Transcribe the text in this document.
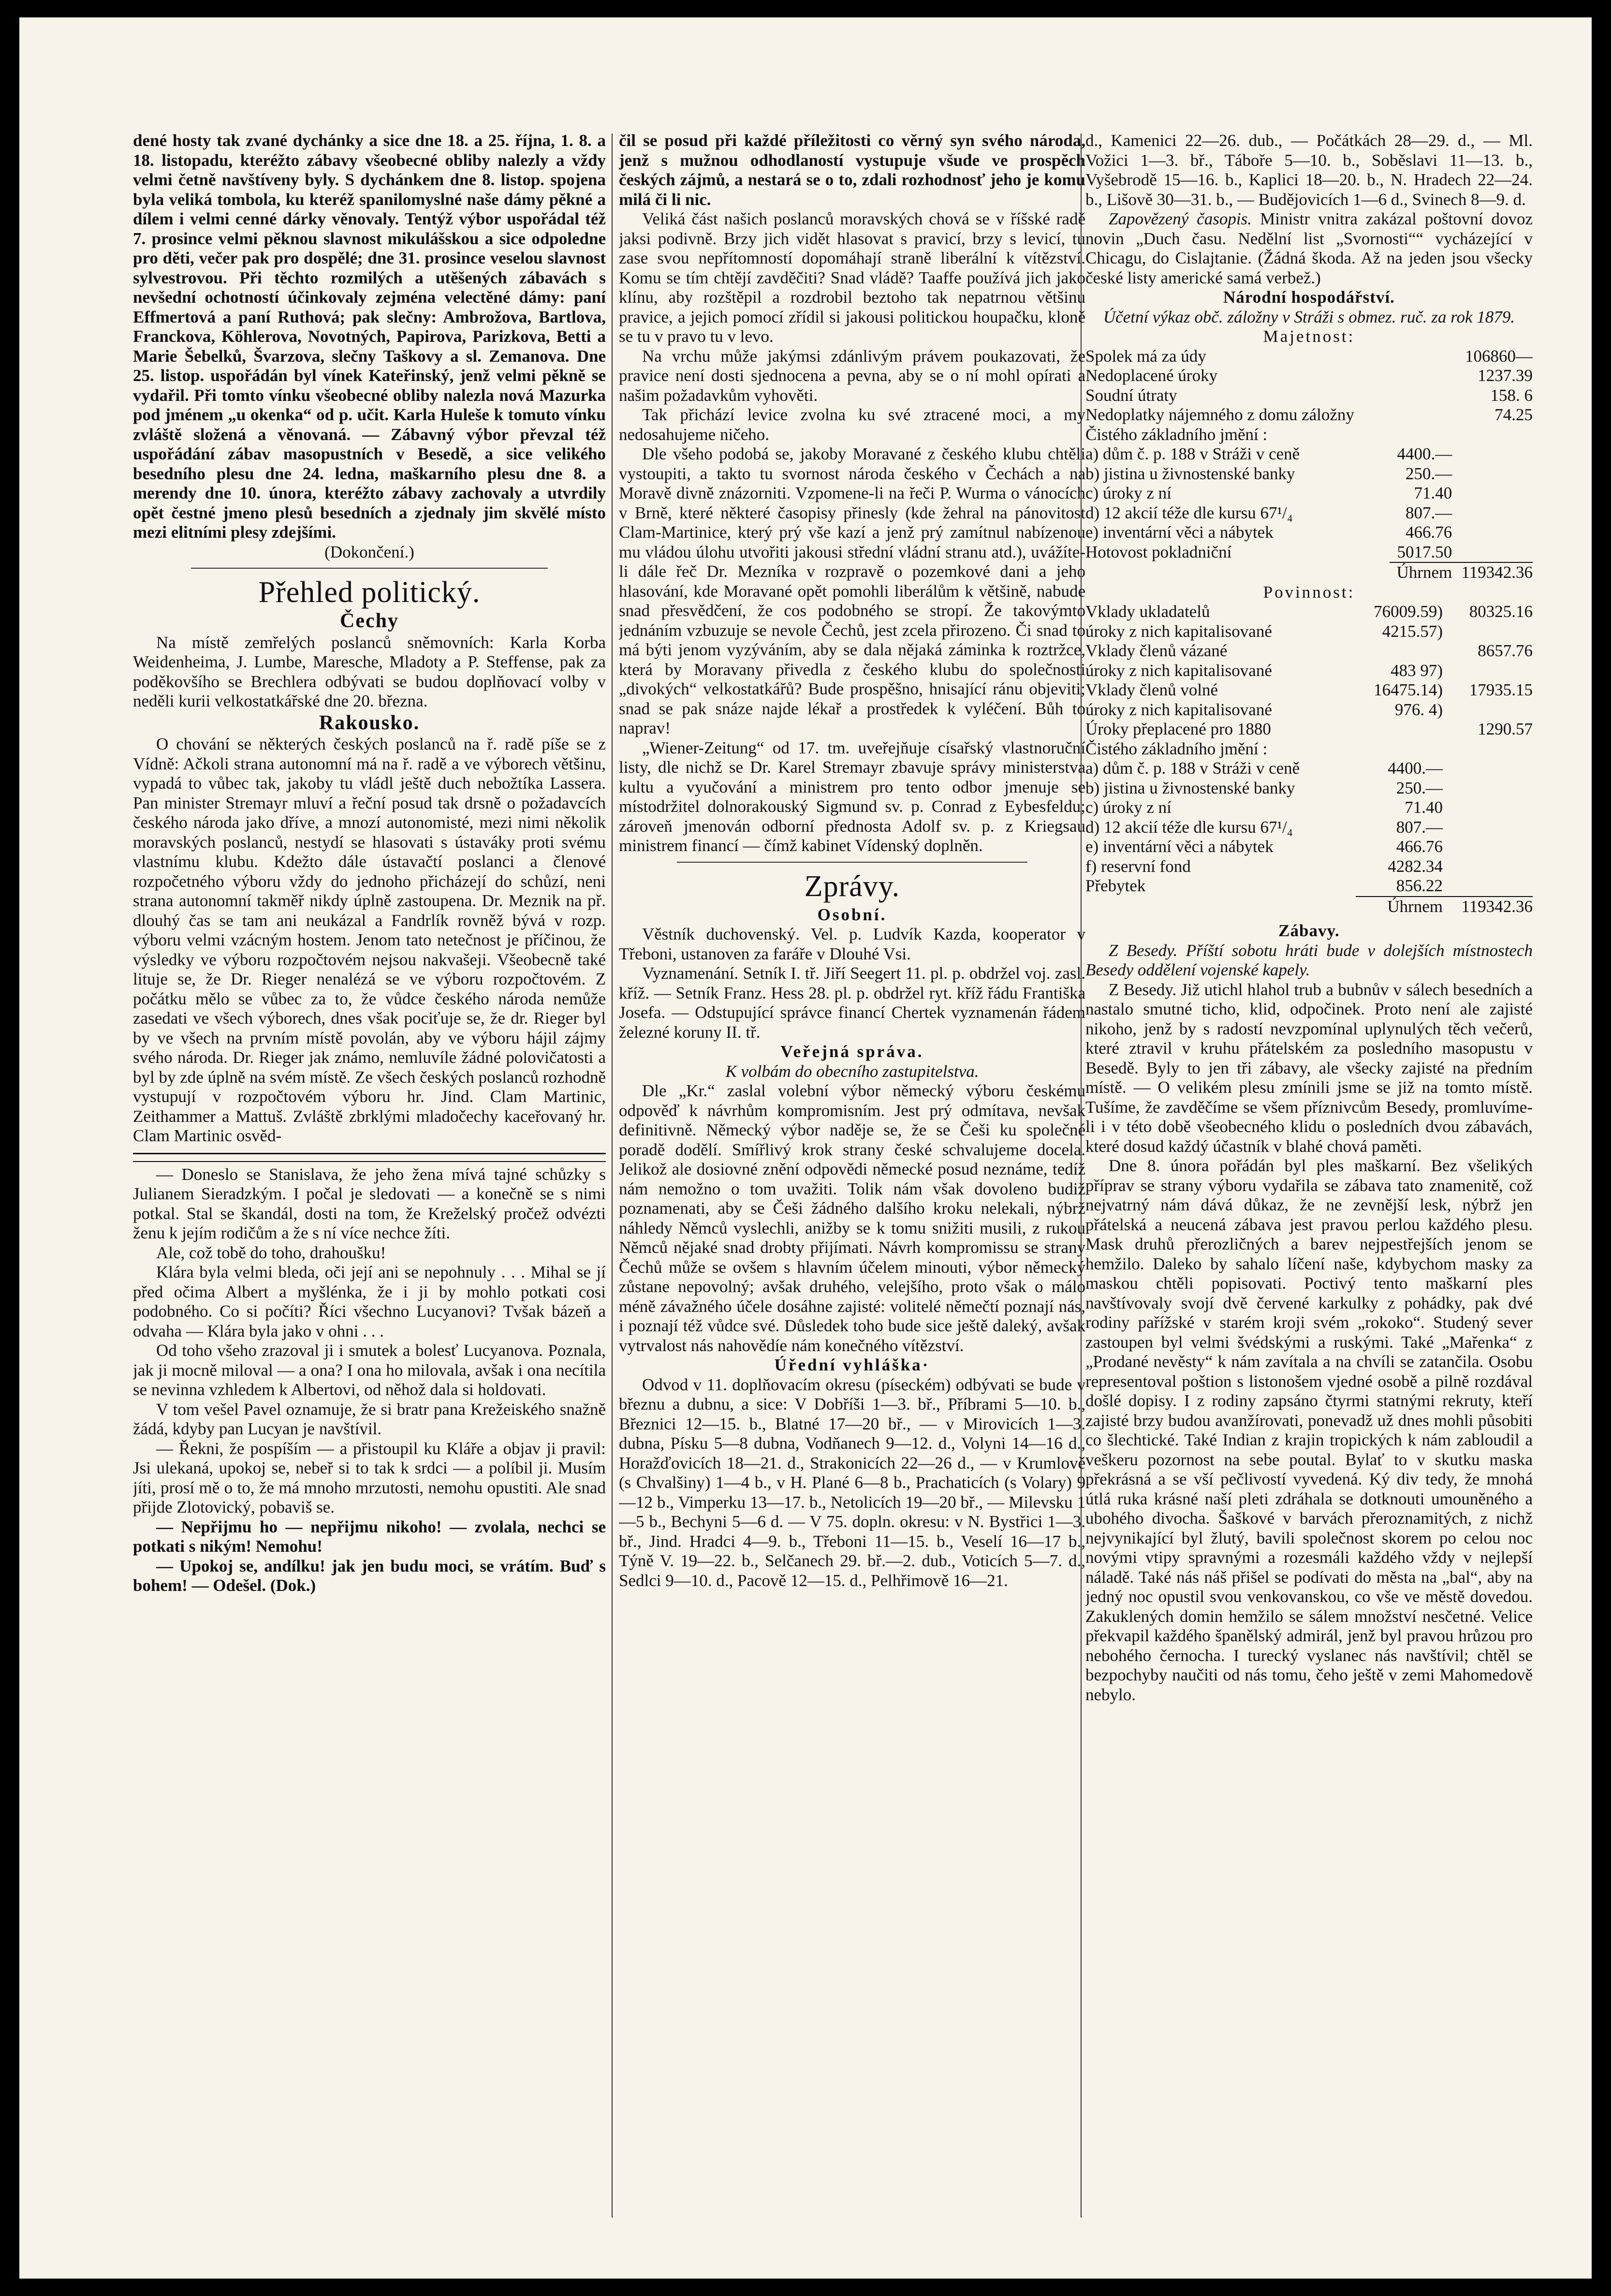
dené hosty tak zvané dychánky a sice dne 18. a 25. října, 1. 8. a 18. listopadu, kteréžto zábavy všeobecné obliby nalezly a vždy velmi četně navštíveny byly. S dychánkem dne 8. listop. spojena byla veliká tombola, ku kteréž spanilomyslné naše dámy pěkné a dílem i velmi cenné dárky věnovaly. Tentýž výbor uspořádal též 7. prosince velmi pěknou slavnost mikulášskou a sice odpoledne pro děti, večer pak pro dospělé; dne 31. prosince veselou slavnost sylvestrovou. Při těchto rozmilých a utěšených zábavách s nevšední ochotností účinkovaly zejména velectěné dámy: paní Effmertová a paní Ruthová; pak slečny: Ambrožova, Bartlova, Franckova, Köhlerova, Novotných, Papirova, Parizkova, Betti a Marie Šebelků, Švarzova, slečny Taškovy a sl. Zemanova. Dne 25. listop. uspořádán byl vínek Kateřinský, jenž velmi pěkně se vydařil. Při tomto vínku všeobecné obliby nalezla nová Mazurka pod jménem „u okenka“ od p. učit. Karla Huleše k tomuto vínku zvláště složená a věnovaná. — Zábavný výbor převzal též uspořádání zábav masopustních v Besedě, a sice velikého besedního plesu dne 24. ledna, maškarního plesu dne 8. a merendy dne 10. února, kteréžto zábavy zachovaly a utvrdily opět čestné jmeno plesů besedních a zjednaly jim skvělé místo mezi elitními plesy zdejšími.

(Dokončení.)

Přehled politický.
Čechy

Na místě zemřelých poslanců sněmovních: Karla Korba Weidenheima, J. Lumbe, Maresche, Mladoty a P. Steffense, pak za poděkovšího se Brechlera odbývati se budou doplňovací volby v neděli kurii velkostatkářské dne 20. března.

Rakousko.

O chování se některých českých poslanců na ř. radě píše se z Vídně: Ačkoli strana autonomní má na ř. radě a ve výborech většinu, vypadá to vůbec tak, jakoby tu vládl ještě duch nebožtíka Lassera. Pan minister Stremayr mluví a řeční posud tak drsně o požadavcích českého národa jako dříve, a mnozí autonomisté, mezi nimi několik moravských poslanců, nestydí se hlasovati s ústaváky proti svému vlastnímu klubu. Kdežto dále ústavačtí poslanci a členové rozpočetného výboru vždy do jednoho přicházejí do schůzí, neni strana autonomní takměř nikdy úplně zastoupena. Dr. Meznik na př. dlouhý čas se tam ani neukázal a Fandrlík rovněž bývá v rozp. výboru velmi vzácným hostem. Jenom tato netečnost je příčinou, že výsledky ve výboru rozpočtovém nejsou nakvašeji. Všeobecně také lituje se, že Dr. Rieger nenalézá se ve výboru rozpočtovém. Z počátku mělo se vůbec za to, že vůdce českého národa nemůže zasedati ve všech výborech, dnes však pociťuje se, že dr. Rieger byl by ve všech na prvním místě povolán, aby ve výboru hájil zájmy svého národa. Dr. Rieger jak známo, nemluvíle žádné polovičatosti a byl by zde úplně na svém místě. Ze všech českých poslanců rozhodně vystupují v rozpočtovém výboru hr. Jind. Clam Martinic, Zeithammer a Mattuš. Zvláště zbrklými mladočechy kaceřovaný hr. Clam Martinic osvěd-

— Doneslo se Stanislava, že jeho žena mívá tajné schůzky s Julianem Sieradzkým. I počal je sledovati — a konečně se s nimi potkal. Stal se škandál, dosti na tom, že Kreželský pročež odvézti ženu k jejím rodičům a že s ní více nechce žíti.

Ale, což tobě do toho, drahoušku!

Klára byla velmi bleda, oči její ani se nepohnuly . . . Mihal se jí před očima Albert a myšlénka, že i ji by mohlo potkati cosi podobného. Co si počíti? Říci všechno Lucyanovi? Tvšak bázeň a odvaha — Klára byla jako v ohni . . .

Od toho všeho zrazoval ji i smutek a bolesť Lucyanova. Poznala, jak ji mocně miloval — a ona? I ona ho milovala, avšak i ona necítila se nevinna vzhledem k Albertovi, od něhož dala si holdovati.

V tom vešel Pavel oznamuje, že si bratr pana Krežeiského snažně žádá, kdyby pan Lucyan je navštívil.

— Řekni, že pospíším — a přistoupil ku Kláře a objav ji pravil: Jsi ulekaná, upokoj se, nebeř si to tak k srdci — a políbil ji. Musím jíti, prosí mě o to, že má mnoho mrzutosti, nemohu opustiti. Ale snad přijde Zlotovický, pobaviš se.

— Nepřijmu ho — nepřijmu nikoho! — zvolala, nechci se potkati s nikým! Nemohu!

— Upokoj se, andílku! jak jen budu moci, se vrátím. Buď s bohem! — Odešel. (Dok.)

čil se posud při každé příležitosti co věrný syn svého národa, jenž s mužnou odhodlaností vystupuje všude ve prospěch českých zájmů, a nestará se o to, zdali rozhodnosť jeho je komu milá či li nic.

Veliká část našich poslanců moravských chová se v říšské radě jaksi podivně. Brzy jich vidět hlasovat s pravicí, brzy s levicí, tu zase svou nepřítomností dopomáhají straně liberální k vítězství. Komu se tím chtějí zavděčiti? Snad vládě? Taaffe používá jich jako klínu, aby rozštěpil a rozdrobil beztoho tak nepatrnou většinu pravice, a jejich pomocí zřídil si jakousi politickou houpačku, kloně se tu v pravo tu v levo.

Na vrchu může jakýmsi zdánlivým právem poukazovati, že pravice není dosti sjednocena a pevna, aby se o ní mohl opírati a našim požadavkům vyhověti.

Tak přichází levice zvolna ku své ztracené moci, a my nedosahujeme ničeho.

Dle všeho podobá se, jakoby Moravané z českého klubu chtěli vystoupiti, a takto tu svornost národa českého v Čechách a na Moravě divně znázorniti. Vzpomene-li na řeči P. Wurma o vánocích v Brně, které některé časopisy přinesly (kde žehral na pánovitost Clam-Martinice, který prý vše kazí a jenž prý zamítnul nabízenou mu vládou úlohu utvořiti jakousi střední vládní stranu atd.), uvážíte-li dále řeč Dr. Mezníka v rozpravě o pozemkové dani a jeho hlasování, kde Moravané opět pomohli liberálům k většině, nabude snad přesvědčení, že cos podobného se stropí. Že takovýmto jednáním vzbuzuje se nevole Čechů, jest zcela přirozeno. Či snad to má býti jenom vyzýváním, aby se dala nějaká záminka k roztržce, která by Moravany přivedla z českého klubu do společnosti „divokých“ velkostatkářů? Bude prospěšno, hnisající ránu objeviti; snad se pak snáze najde lékař a prostředek k vyléčení. Bůh to naprav!

„Wiener-Zeitung“ od 17. tm. uveřejňuje císařský vlastnoruční listy, dle nichž se Dr. Karel Stremayr zbavuje správy ministerstva kultu a vyučování a ministrem pro tento odbor jmenuje se místodržitel dolnorakouský Sigmund sv. p. Conrad z Eybesfeldu; zároveň jmenován odborní přednosta Adolf sv. p. z Kriegsau ministrem financí — čímž kabinet Vídenský doplněn.

Zprávy.
Osobní.

Věstník duchovenský. Vel. p. Ludvík Kazda, kooperator v Třeboni, ustanoven za faráře v Dlouhé Vsi.

Vyznamenání. Setník I. tř. Jiří Seegert 11. pl. p. obdržel voj. zasl. kříž. — Setník Franz. Hess 28. pl. p. obdržel ryt. kříž řádu Františka Josefa. — Odstupující správce financí Chertek vyznamenán řádem železné koruny II. tř.

Veřejná správa.

K volbám do obecního zastupitelstva.

Dle „Kr.“ zaslal volební výbor německý výboru českému odpověď k návrhům kompromisním. Jest prý odmítava, nevšak definitivně. Německý výbor naděje se, že se Češi ku společné poradě dodělí. Smířlivý krok strany české schvalujeme docela. Jelikož ale dosiovné znění odpovědi německé posud neznáme, tedíž nám nemožno o tom uvažiti. Tolik nám však dovoleno budiž poznamenati, aby se Češi žádného dalšího kroku nelekali, nýbrž náhledy Němců vyslechli, anižby se k tomu snižiti musili, z rukou Němců nějaké snad drobty přijímati. Návrh kompromissu se strany Čechů může se ovšem s hlavním účelem minouti, výbor německý zůstane nepovolný; avšak druhého, velejšího, proto však o málo méně závažného účele dosáhne zajisté: volitelé němečtí poznají nás, i poznají též vůdce své. Důsledek toho bude sice ještě daleký, avšak vytrvalost nás nahovědíe nám konečného vítězství.

Úřední vyhláška·

Odvod v 11. doplňovacím okresu (píseckém) odbývati se bude v březnu a dubnu, a sice: V Dobříši 1—3. bř., Příbrami 5—10. b., Březnici 12—15. b., Blatné 17—20 bř., — v Mirovicích 1—3. dubna, Písku 5—8 dubna, Vodňanech 9—12. d., Volyni 14—16 d., Horažďovicích 18—21. d., Strakonicích 22—26 d., — v Krumlově (s Chvalšiny) 1—4 b., v H. Plané 6—8 b., Prachaticích (s Volary) 9—12 b., Vimperku 13—17. b., Netolicích 19—20 bř., — Milevsku 1—5 b., Bechyni 5—6 d. — V 75. dopln. okresu: v N. Bystřici 1—3. bř., Jind. Hradci 4—9. b., Třeboni 11—15. b., Veselí 16—17 b., Týně V. 19—22. b., Selčanech 29. bř.—2. dub., Voticích 5—7. d., Sedlci 9—10. d., Pacově 12—15. d., Pelhřimově 16—21.

d., Kamenici 22—26. dub., — Počátkách 28—29. d., — Ml. Vožici 1—3. bř., Táboře 5—10. b., Soběslavi 11—13. b., Vyšebrodě 15—16. b., Kaplici 18—20. b., N. Hradech 22—24. b., Lišově 30—31. b., — Budějovicích 1—6 d., Svinech 8—9. d.

Zapovězený časopis. Ministr vnitra zakázal poštovní dovoz novin „Duch času. Nedělní list „Svornosti““ vycházející v Chicagu, do Cislajtanie. (Žádná škoda. Až na jeden jsou všecky české listy americké samá verbež.)

Národní hospodářství.

Účetní výkaz obč. záložny v Stráži s obmez. ruč. za rok 1879.

Majetnost:
Spolek má za údy		106860—
Nedoplacené úroky		1237.39
Soudní útraty		158. 6
Nedoplatky nájemného z domu záložny		74.25
Čistého základního jmění :		
a) dům č. p. 188 v Stráži v ceně	4400.—	
b) jistina u živnostenské banky	250.—	
c) úroky z ní	71.40	
d) 12 akcií téže dle kursu 67¹/₄	807.—	
e) inventární věci a nábytek	466.76	
Hotovost pokladniční	5017.50	
	Úhrnem	119342.36
Povinnost:
Vklady ukladatelů	76009.59)	80325.16
úroky z nich kapitalisované	4215.57)	
Vklady členů vázané		8657.76
úroky z nich kapitalisované	483 97)	
Vklady členů volné	16475.14)	17935.15
úroky z nich kapitalisované	976. 4)	
Úroky přeplacené pro 1880		1290.57
Čistého základního jmění :		
a) dům č. p. 188 v Stráži v ceně	4400.—	
b) jistina u živnostenské banky	250.—	
c) úroky z ní	71.40	
d) 12 akcií téže dle kursu 67¹/₄	807.—	
e) inventární věci a nábytek	466.76	
f) reservní fond	4282.34	
Přebytek	856.22	
	Úhrnem	119342.36
Zábavy.

Z Besedy. Příští sobotu hráti bude v dolejších místnostech Besedy oddělení vojenské kapely.

Z Besedy. Již utichl hlahol trub a bubnův v sálech besedních a nastalo smutné ticho, klid, odpočinek. Proto není ale zajisté nikoho, jenž by s radostí nevzpomínal uplynulých těch večerů, které ztravil v kruhu přátelském za posledního masopustu v Besedě. Byly to jen tři zábavy, ale všecky zajisté na předním místě. — O velikém plesu zmínili jsme se již na tomto místě. Tušíme, že zavděčíme se všem příznivcům Besedy, promluvíme-li i v této době všeobecného klidu o posledních dvou zábavách, které dosud každý účastník v blahé chová paměti.

Dne 8. února pořádán byl ples maškarní. Bez všelikých příprav se strany výboru vydařila se zábava tato znamenitě, což nejvatrný nám dává důkaz, že ne zevnější lesk, nýbrž jen přátelská a neucená zábava jest pravou perlou každého plesu. Mask druhů přerozličných a barev nejpestřejších jenom se hemžilo. Daleko by sahalo líčení naše, kdybychom masky za maskou chtěli popisovati. Poctivý tento maškarní ples navštívovaly svojí dvě červené karkulky z pohádky, pak dvé rodiny pařížské v starém kroji svém „rokoko“. Studený sever zastoupen byl velmi švédskými a ruskými. Také „Mařenka“ z „Prodané nevěsty“ k nám zavítala a na chvíli se zatančila. Osobu representoval poštion s listonošem vjedné osobě a pilně rozdával došlé dopisy. I z rodiny zapsáno čtyrmi statnými rekruty, kteří zajisté brzy budou avanžírovati, ponevadž už dnes mohli působiti co šlechtické. Také Indian z krajin tropických k nám zabloudil a veškeru pozornost na sebe poutal. Bylať to v skutku maska překrásná a se vší pečlivostí vyvedená. Ký div tedy, že mnohá útlá ruka krásné naší pleti zdráhala se dotknouti umouněného a ubohého divocha. Šaškové v barvách přeroznamitých, z nichž nejvynikající byl žlutý, bavili společnost skorem po celou noc novými vtipy spravnými a rozesmáli každého vždy v nejlepší náladě. Také nás náš přišel se podívati do města na „bal“, aby na jedný noc opustil svou venkovanskou, co vše ve městě dovedou. Zakuklených domin hemžilo se sálem množství nesčetné. Velice překvapil každého španělský admirál, jenž byl pravou hrůzou pro nebohého černocha. I turecký vyslanec nás navštívil; chtěl se bezpochyby naučiti od nás tomu, čeho ještě v zemi Mahomedově nebylo.
